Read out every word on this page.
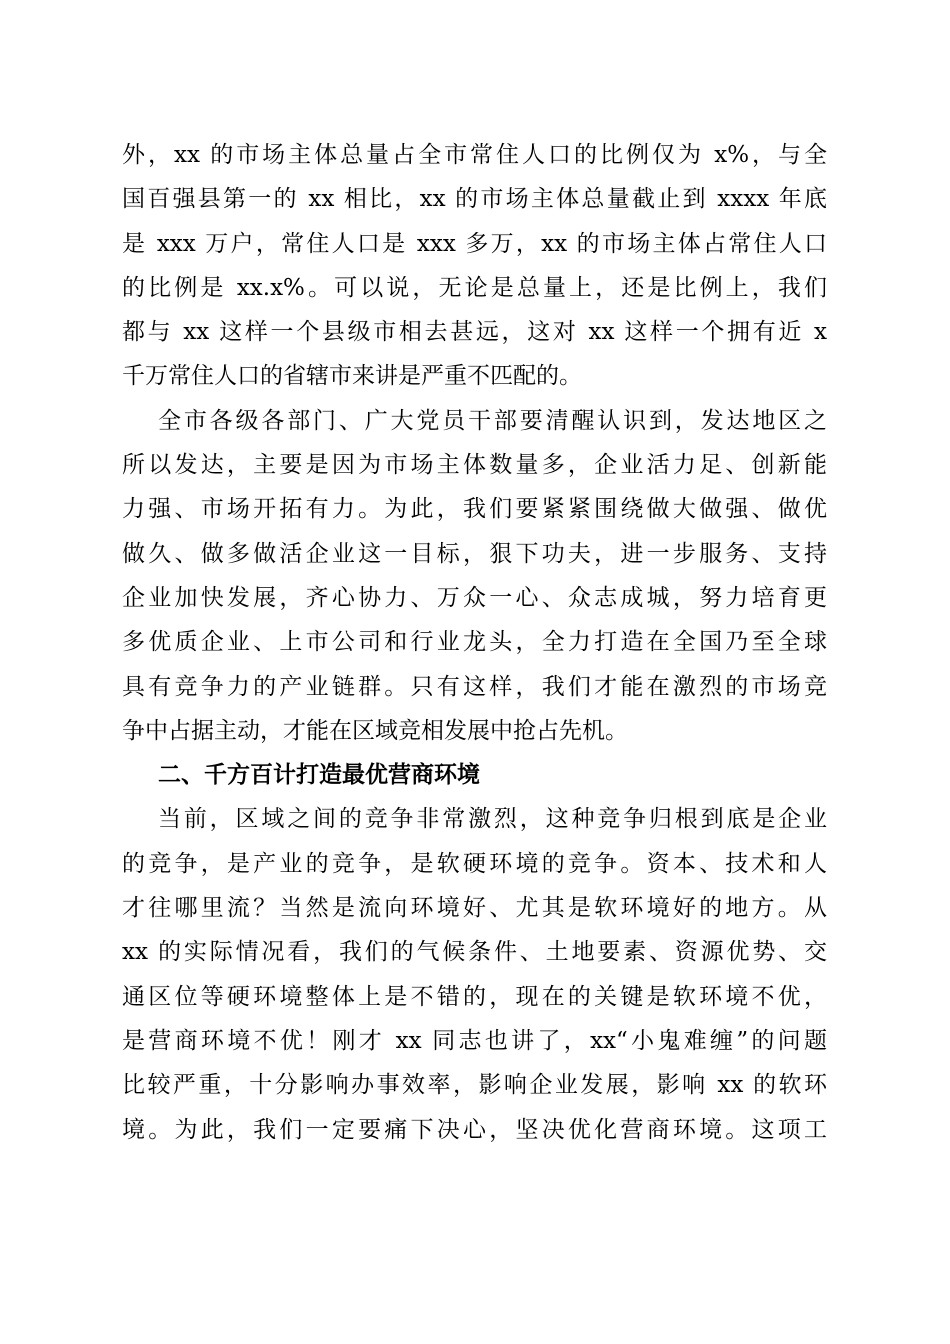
外，xx 的市场主体总量占全市常住人口的比例仅为 x%，与全
国百强县第一的 xx 相比，xx 的市场主体总量截止到 xxxx 年底
是 xxx 万户，常住人口是 xxx 多万，xx 的市场主体占常住人口
的比例是 xx.x%。可以说，无论是总量上，还是比例上，我们
都与 xx 这样一个县级市相去甚远，这对 xx 这样一个拥有近 x
千万常住人口的省辖市来讲是严重不匹配的。
全市各级各部门、广大党员干部要清醒认识到，发达地区之
所以发达，主要是因为市场主体数量多，企业活力足、创新能
力强、市场开拓有力。为此，我们要紧紧围绕做大做强、做优
做久、做多做活企业这一目标，狠下功夫，进一步服务、支持
企业加快发展，齐心协力、万众一心、众志成城，努力培育更
多优质企业、上市公司和行业龙头，全力打造在全国乃至全球
具有竞争力的产业链群。只有这样，我们才能在激烈的市场竞
争中占据主动，才能在区域竞相发展中抢占先机。
二、千方百计打造最优营商环境
当前，区域之间的竞争非常激烈，这种竞争归根到底是企业
的竞争，是产业的竞争，是软硬环境的竞争。资本、技术和人
才往哪里流？当然是流向环境好、尤其是软环境好的地方。从
xx 的实际情况看，我们的气候条件、土地要素、资源优势、交
通区位等硬环境整体上是不错的，现在的关键是软环境不优，
是营商环境不优！刚才 xx 同志也讲了，xx“小鬼难缠”的问题
比较严重，十分影响办事效率，影响企业发展，影响 xx 的软环
境。为此，我们一定要痛下决心，坚决优化营商环境。这项工
